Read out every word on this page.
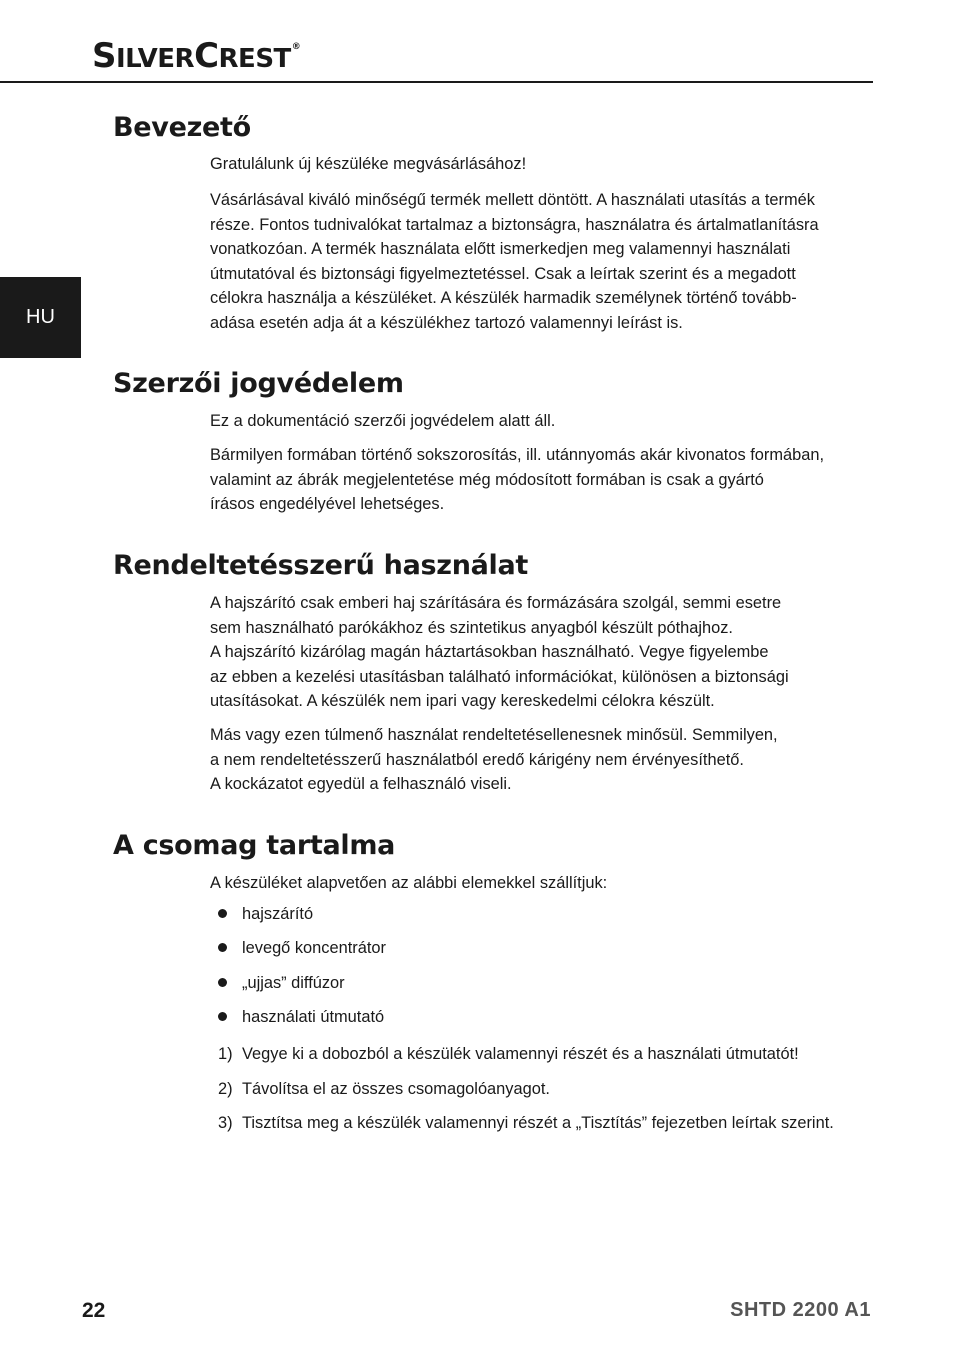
SILVERCREST®
HU
Bevezető

Gratulálunk új készüléke megvásárlásához!

Vásárlásával kiváló minőségű termék mellett döntött. A használati utasítás a termék
része. Fontos tudnivalókat tartalmaz a biztonságra, használatra és ártalmatlanításra
vonatkozóan. A termék használata előtt ismerkedjen meg valamennyi használati
útmutatóval és biztonsági figyelmeztetéssel. Csak a leírtak szerint és a megadott
célokra használja a készüléket. A készülék harmadik személynek történő tovább-
adása esetén adja át a készülékhez tartozó valamennyi leírást is.
Szerzői jogvédelem

Ez a dokumentáció szerzői jogvédelem alatt áll.

Bármilyen formában történő sokszorosítás, ill. utánnyomás akár kivonatos formában,
valamint az ábrák megjelentetése még módosított formában is csak a gyártó
írásos engedélyével lehetséges.
Rendeltetésszerű használat
A hajszárító csak emberi haj szárítására és formázására szolgál, semmi esetre
sem használható parókákhoz és szintetikus anyagból készült póthajhoz.
A hajszárító kizárólag magán háztartásokban használható. Vegye figyelembe
az ebben a kezelési utasításban található információkat, különösen a biztonsági
utasításokat. A készülék nem ipari vagy kereskedelmi célokra készült.
Más vagy ezen túlmenő használat rendeltetésellenesnek minősül. Semmilyen,
a nem rendeltetésszerű használatból eredő kárigény nem érvényesíthető.
A kockázatot egyedül a felhasználó viseli.
A csomag tartalma

A készüléket alapvetően az alábbi elemekkel szállítjuk:

hajszárító
levegő koncentrátor
„ujjas” diffúzor
használati útmutató
1) Vegye ki a dobozból a készülék valamennyi részét és a használati útmutatót!
2) Távolítsa el az összes csomagolóanyagot.
3) Tisztítsa meg a készülék valamennyi részét a „Tisztítás” fejezetben leírtak szerint.
22	SHTD 2200 A1
